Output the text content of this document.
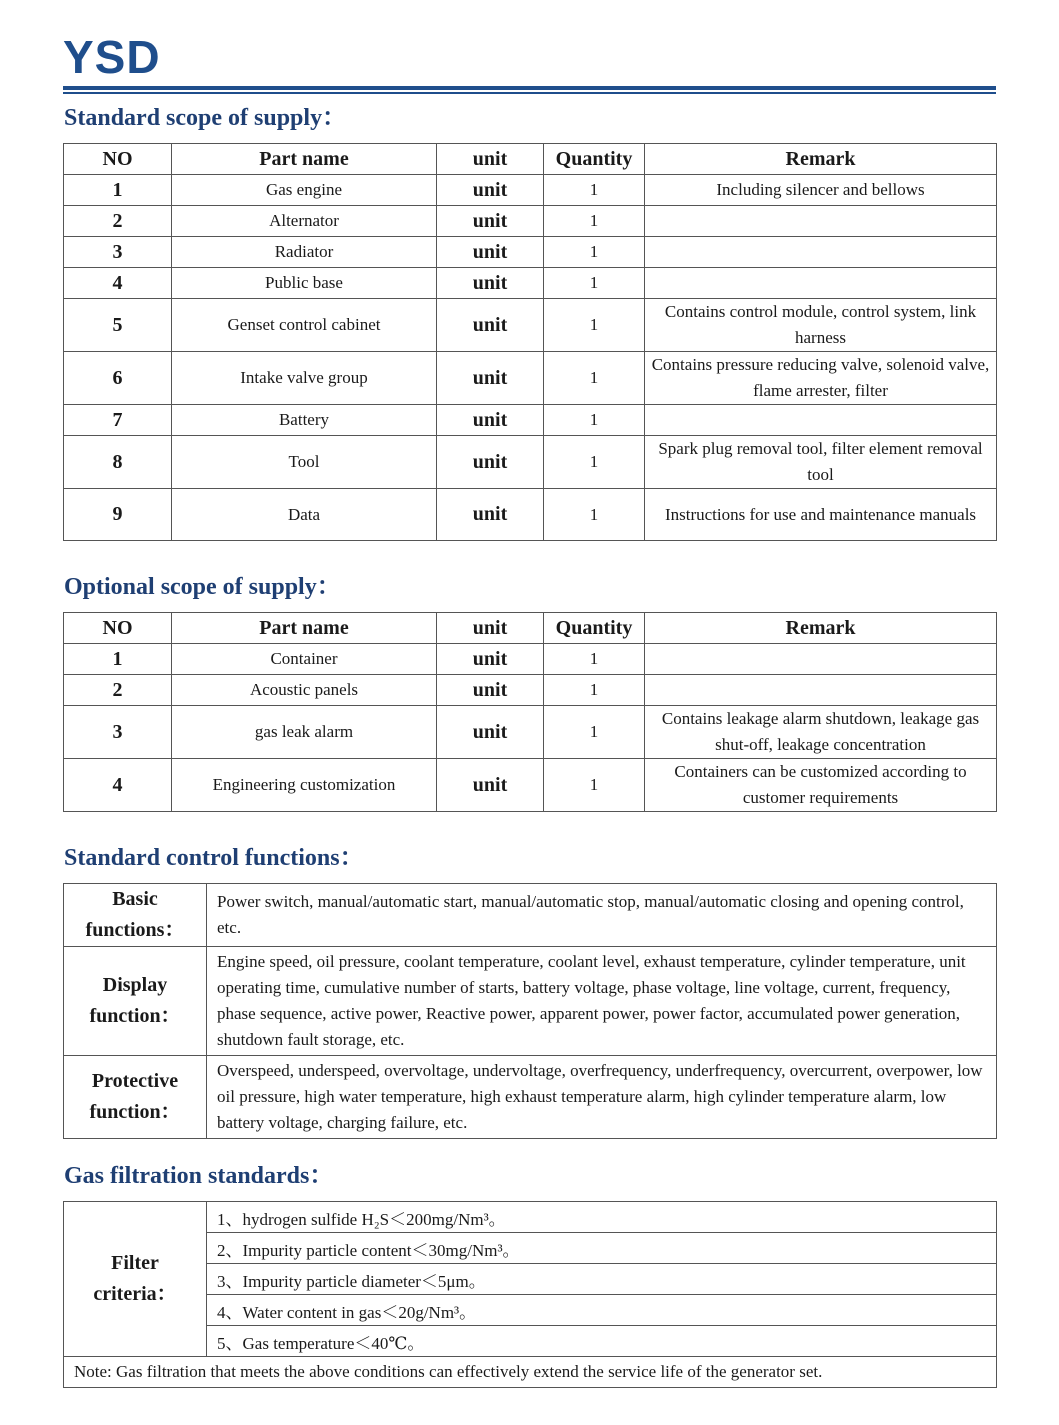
YSD
Standard scope of supply：
NO	Part name	unit	Quantity	Remark
1	Gas engine	unit	1	Including silencer and bellows
2	Alternator	unit	1	
3	Radiator	unit	1	
4	Public base	unit	1	
5	Genset control cabinet	unit	1	Contains control module, control system, link harness
6	Intake valve group	unit	1	Contains pressure reducing valve, solenoid valve, flame arrester, filter
7	Battery	unit	1	
8	Tool	unit	1	Spark plug removal tool, filter element removal tool
9	Data	unit	1	Instructions for use and maintenance manuals
Optional scope of supply：
NO	Part name	unit	Quantity	Remark
1	Container	unit	1	
2	Acoustic panels	unit	1	
3	gas leak alarm	unit	1	Contains leakage alarm shutdown, leakage gas shut-off, leakage concentration
4	Engineering customization	unit	1	Containers can be customized according to customer requirements
Standard control functions：
Basic functions：	Power switch, manual/automatic start, manual/automatic stop, manual/automatic closing and opening control, etc.
Display function：	Engine speed, oil pressure, coolant temperature, coolant level, exhaust temperature, cylinder temperature, unit operating time, cumulative number of starts, battery voltage, phase voltage, line voltage, current, frequency, phase sequence, active power, Reactive power, apparent power, power factor, accumulated power generation, shutdown fault storage, etc.
Protective function：	Overspeed, underspeed, overvoltage, undervoltage, overfrequency, underfrequency, overcurrent, overpower, low oil pressure, high water temperature, high exhaust temperature alarm, high cylinder temperature alarm, low battery voltage, charging failure, etc.
Gas filtration standards：
Filter criteria：	1、hydrogen sulfide H₂S＜200mg/Nm³。
2、Impurity particle content＜30mg/Nm³。
3、Impurity particle diameter＜5μm。
4、Water content in gas＜20g/Nm³。
5、Gas temperature＜40℃。
Note: Gas filtration that meets the above conditions can effectively extend the service life of the generator set.
